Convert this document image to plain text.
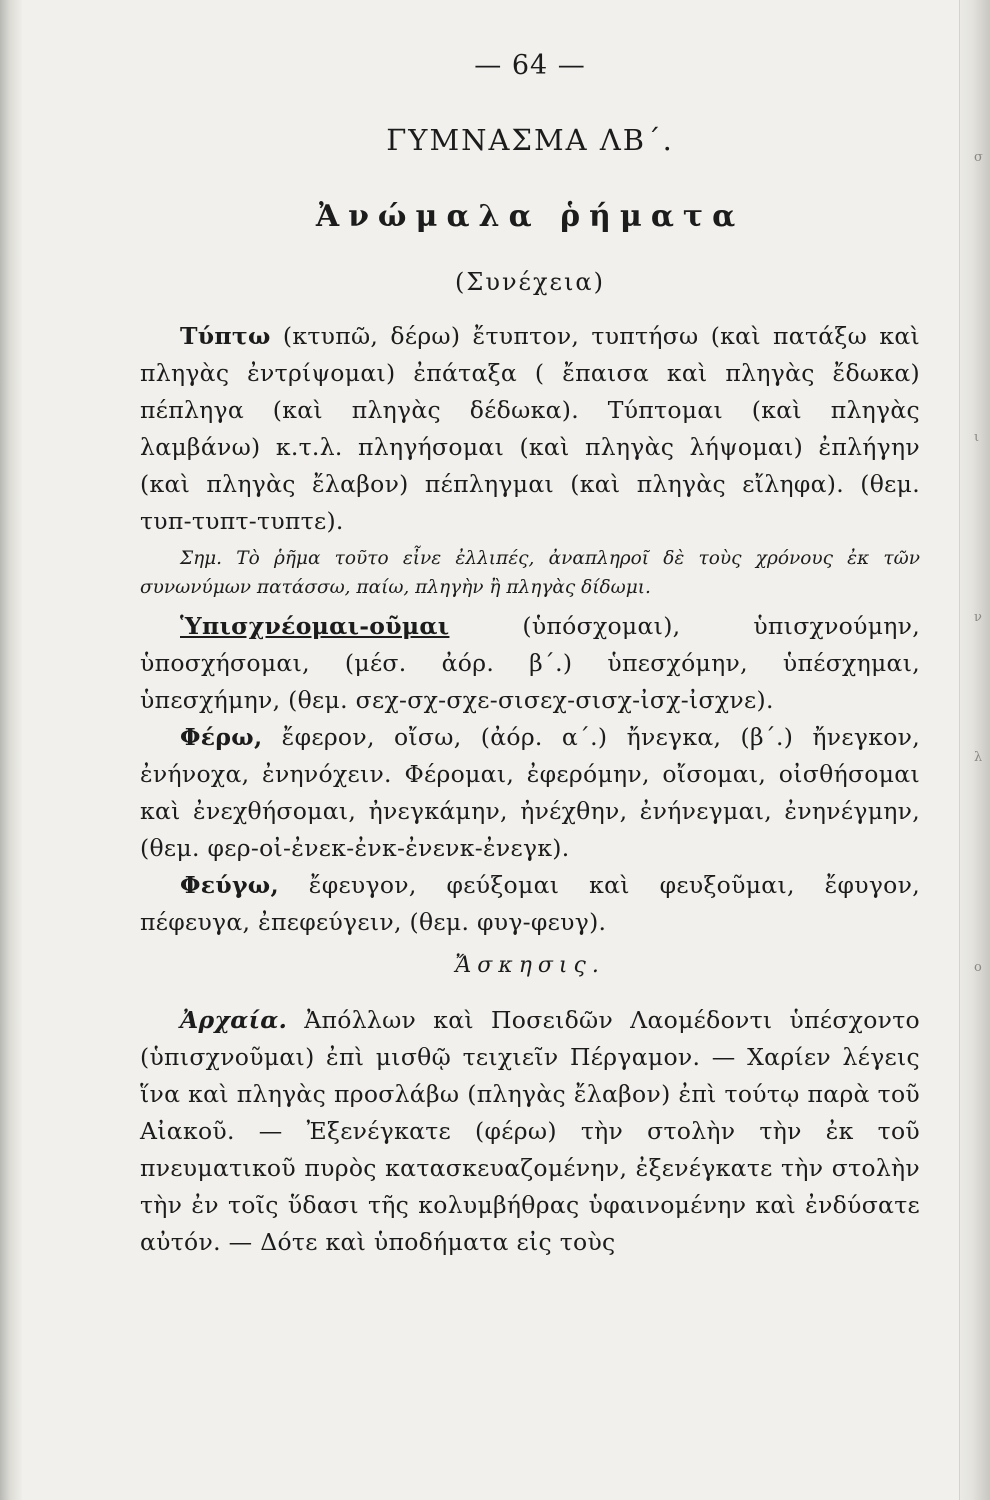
σ
ι
ν
λ
ο
— 64 —
ΓΥΜΝΑΣΜΑ ΛΒ΄.
Ἀνώμαλα ῥήματα
(Συνέχεια)

Τύπτω (κτυπῶ, δέρω) ἔτυπτον, τυπτήσω (καὶ πατάξω καὶ πληγὰς ἐντρίψομαι) ἐπάταξα ( ἔπαισα καὶ πληγὰς ἔδωκα) πέπληγα (καὶ πληγὰς δέδωκα). Τύπτομαι (καὶ πληγὰς λαμβάνω) κ.τ.λ. πληγήσομαι (καὶ πληγὰς λήψομαι) ἐπλήγην (καὶ πληγὰς ἔλαβον) πέπληγμαι (καὶ πληγὰς εἴληφα). (θεμ. τυπ-τυπτ-τυπτε).

Σημ. Τὸ ῥῆμα τοῦτο εἶνε ἐλλιπές, ἀναπληροῖ δὲ τοὺς χρόνους ἐκ τῶν συνωνύμων πατάσσω, παίω, πληγὴν ἢ πληγὰς δίδωμι.

Ὑπισχνέομαι-οῦμαι (ὑπόσχομαι), ὑπισχνούμην, ὑποσχήσομαι, (μέσ. ἀόρ. β΄.) ὑπεσχόμην, ὑπέσχημαι, ὑπεσχήμην, (θεμ. σεχ-σχ-σχε-σισεχ-σισχ-ἰσχ-ἰσχνε).

Φέρω, ἔφερον, οἴσω, (ἀόρ. α΄.) ἤνεγκα, (β΄.) ἤνεγκον, ἐνήνοχα, ἐνηνόχειν. Φέρομαι, ἐφερόμην, οἴσομαι, οἰσθήσομαι καὶ ἐνεχθήσομαι, ἠνεγκάμην, ἠνέχθην, ἐνήνεγμαι, ἐνηνέγμην, (θεμ. φερ-οἰ-ἐνεκ-ἐνκ-ἐνενκ-ἐνεγκ).

Φεύγω, ἔφευγον, φεύξομαι καὶ φευξοῦμαι, ἔφυγον, πέφευγα, ἐπεφεύγειν, (θεμ. φυγ-φευγ).

Ἄσκησις.

Ἀρχαία. Ἀπόλλων καὶ Ποσειδῶν Λαομέδοντι ὑπέσχοντο (ὑπισχνοῦμαι) ἐπὶ μισθῷ τειχιεῖν Πέργαμον. — Χαρίεν λέγεις ἵνα καὶ πληγὰς προσλάβω (πληγὰς ἔλαβον) ἐπὶ τούτῳ παρὰ τοῦ Αἰακοῦ. — Ἐξενέγκατε (φέρω) τὴν στολὴν τὴν ἐκ τοῦ πνευματικοῦ πυρὸς κατασκευαζομένην, ἐξενέγκατε τὴν στολὴν τὴν ἐν τοῖς ὕδασι τῆς κολυμβήθρας ὑφαινομένην καὶ ἐνδύσατε αὐτόν. — Δότε καὶ ὑποδήματα εἰς τοὺς
